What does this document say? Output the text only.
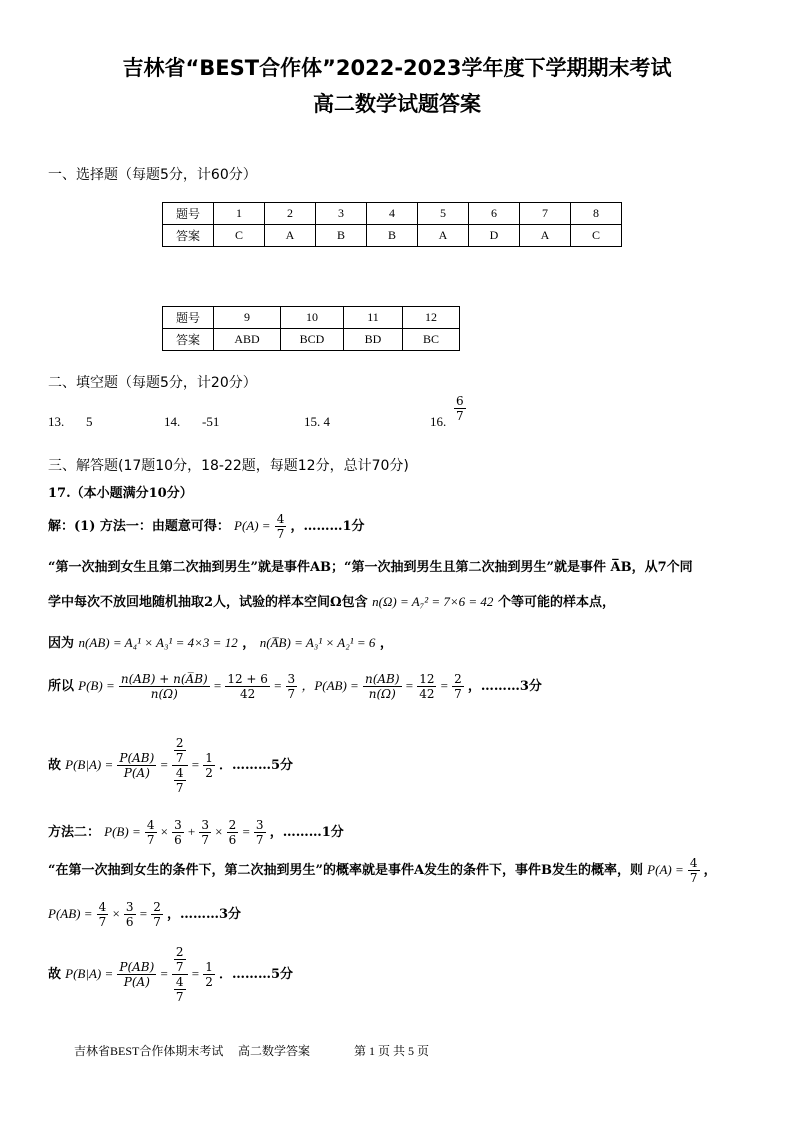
吉林省“BEST合作体”2022-2023学年度下学期期末考试
高二数学试题答案
一、选择题（每题5分，计60分）
题号	1	2	3	4	5	6	7	8
答案	C	A	B	B	A	D	A	C
题号	9	10	11	12
答案	ABD	BCD	BD	BC
二、填空题（每题5分，计20分）
13. 5	14. -51	15. 4	16. $\frac{6}{7}$
三、解答题(17题10分，18-22题，每题12分，总计70分)
17.（本小题满分10分）
解：(1) 方法一：由题意可得： $P(A) = \frac{4}{7}$ ，………1分
“第一次抽到女生且第二次抽到男生”就是事件AB；“第一次抽到男生且第二次抽到男生”就是事件 A̅B，从7个同
学中每次不放回地随机抽取2人，试验的样本空间Ω包含 n(Ω) = A₇² = 7×6 = 42 个等可能的样本点，
因为 n(AB) = A₄¹ × A₃¹ = 4×3 = 12 ， n(A̅B) = A₃¹ × A₂¹ = 6 ，
所以 $P(B) = \frac{n(AB) + n(A̅B)}{n(\Omega)} = \frac{12 + 6}{42} = \frac{3}{7}$ ，$P(AB) = \frac{n(AB)}{n(\Omega)} = \frac{12}{42} = \frac{2}{7}$ ，………3分
故 $P(B|A) = \frac{P(AB)}{P(A)} = \frac{\frac{2}{7}}{\frac{4}{7}} = \frac{1}{2}$ ．………5分
方法二： $P(B) = \frac{4}{7} \times \frac{3}{6} + \frac{3}{7} \times \frac{2}{6} = \frac{3}{7}$ ，………1分
“在第一次抽到女生的条件下，第二次抽到男生”的概率就是事件A发生的条件下，事件B发生的概率，则 $P(A) = \frac{4}{7}$ ，
$P(AB) = \frac{4}{7} \times \frac{3}{6} = \frac{2}{7}$ ，………3分
故 $P(B|A) = \frac{P(AB)}{P(A)} = \frac{\frac{2}{7}}{\frac{4}{7}} = \frac{1}{2}$ ．………5分
吉林省BEST合作体期末考试 高二数学答案	第 1 页 共 5 页
